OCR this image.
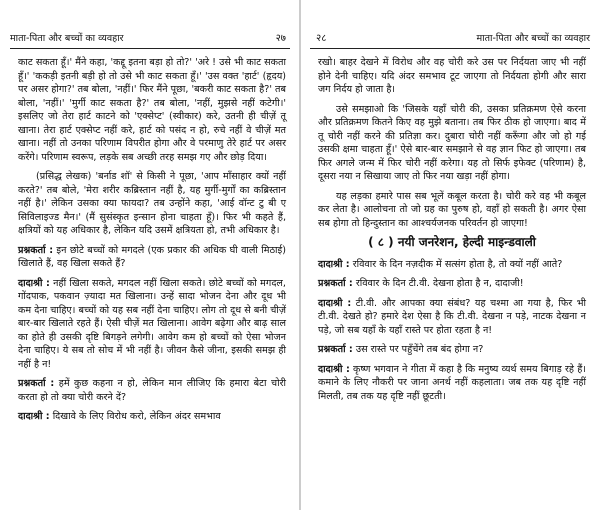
माता-पिता और बच्चों का व्यवहार	२७

काट सकता हूँ।' मैंने कहा, 'कद्दू इतना बड़ा हो तो?' 'अरे ! उसे भी काट सकता हूँ।' 'ककड़ी इतनी बड़ी हो तो उसे भी काट सकता हूँ।' 'उस वक्त 'हार्ट' (हृदय) पर असर होगा?' तब बोला, 'नहीं।' फिर मैंने पूछा, 'बकरी काट सकता है?' तब बोला, 'नहीं।' 'मुर्गी काट सकता है?' तब बोला, 'नहीं, मुझसे नहीं कटेगी।' इसलिए जो तेरा हार्ट काटने को 'एक्सेप्ट' (स्वीकार) करे, उतनी ही चीज़ें तू खाना। तेरा हार्ट एक्सेप्ट नहीं करे, हार्ट को पसंद न हो, रुचे नहीं वे चीज़ें मत खाना। नहीं तो उनका परिणाम विपरीत होगा और वे परमाणु तेरे हार्ट पर असर करेंगे। परिणाम स्वरूप, लड़के सब अच्छी तरह समझ गए और छोड़ दिया।

(प्रसिद्ध लेखक) 'बर्नाड शॉ' से किसी ने पूछा, 'आप माँसाहार क्यों नहीं करते?' तब बोले, 'मेरा शरीर कब्रिस्तान नहीं है, यह मुर्गी-मुर्गों का कब्रिस्तान नहीं है।' लेकिन उसका क्या फायदा? तब उन्होंने कहा, 'आई वॉन्ट टु बी ए सिविलाइज्ड मैन।' (मैं सुसंस्कृत इन्सान होना चाहता हूँ)। फिर भी कहते हैं, क्षत्रियों को यह अधिकार है, लेकिन यदि उसमें क्षत्रियता हो, तभी अधिकार है।

प्रश्नकर्ता : इन छोटे बच्चों को मगदले (एक प्रकार की अधिक घी वाली मिठाई) खिलाते हैं, वह खिला सकते हैं?

दादाश्री : नहीं खिला सकते, मगदल नहीं खिला सकते। छोटे बच्चों को मगदल, गोंदपाक, पकवान ज़्यादा मत खिलाना। उन्हें सादा भोजन देना और दूध भी कम देना चाहिए। बच्चों को यह सब नहीं देना चाहिए। लोग तो दूध से बनी चीज़ें बार-बार खिलाते रहते हैं। ऐसी चीज़ें मत खिलाना। आवेग बढ़ेगा और बाढ़ साल का होते ही उसकी दृष्टि बिगड़ने लगेगी। आवेग कम हो बच्चों को ऐसा भोजन देना चाहिए। ये सब तो सोच में भी नहीं है। जीवन कैसे जीना, इसकी समझ ही नहीं है न!

प्रश्नकर्ता : हमें कुछ कहना न हो, लेकिन मान लीजिए कि हमारा बेटा चोरी करता हो तो क्या चोरी करने दें?

दादाश्री : दिखावे के लिए विरोध करो, लेकिन अंदर समभाव

२८	माता-पिता और बच्चों का व्यवहार

रखो। बाहर देखने में विरोध और वह चोरी करे उस पर निर्दयता जाए भी नहीं होने देनी चाहिए। यदि अंदर समभाव टूट जाएगा तो निर्दयता होगी और सारा जग निर्दय हो जाता है।

उसे समझाओ कि 'जिसके यहाँ चोरी की, उसका प्रतिक्रमण ऐसे करना और प्रतिक्रमण कितने किए वह मुझे बताना। तब फिर ठीक हो जाएगा। बाद में तू चोरी नहीं करने की प्रतिज्ञा कर। दुबारा चोरी नहीं करूँगा और जो हो गई उसकी क्षमा चाहता हूँ।' ऐसे बार-बार समझाने से वह ज्ञान फिट हो जाएगा। तब फिर अगले जन्म में फिर चोरी नहीं करेगा। यह तो सिर्फ इफेक्ट (परिणाम) है, दूसरा नया न सिखाया जाए तो फिर नया खड़ा नहीं होगा।

यह लड़का हमारे पास सब भूलें कबूल करता है। चोरी करे वह भी कबूल कर लेता है। आलोचना तो जो ग्रह का पुरुष हो, वहाँ हो सकती है। अगर ऐसा सब होगा तो हिन्दुस्तान का आश्चर्यजनक परिवर्तन हो जाएगा!

( ८ ) नयी जनरेशन, हेल्दी माइन्डवाली

दादाश्री : रविवार के दिन नज़दीक में सत्संग होता है, तो क्यों नहीं आते?

प्रश्नकर्ता : रविवार के दिन टी.वी. देखना होता है न, दादाजी!

दादाश्री : टी.वी. और आपका क्या संबंध? यह चश्मा आ गया है, फिर भी टी.वी. देखते हो? हमारे देश ऐसा है कि टी.वी. देखना न पड़े, नाटक देखना न पड़े, जो सब यहाँ के यहाँ रास्ते पर होता रहता है न!

प्रश्नकर्ता : उस रास्ते पर पहुँचेंगे तब बंद होगा न?

दादाश्री : कृष्ण भगवान ने गीता में कहा है कि मनुष्य व्यर्थ समय बिगाड़ रहे हैं। कमाने के लिए नौकरी पर जाना अनर्थ नहीं कहलाता। जब तक यह दृष्टि नहीं मिलती, तब तक यह दृष्टि नहीं छूटती।
